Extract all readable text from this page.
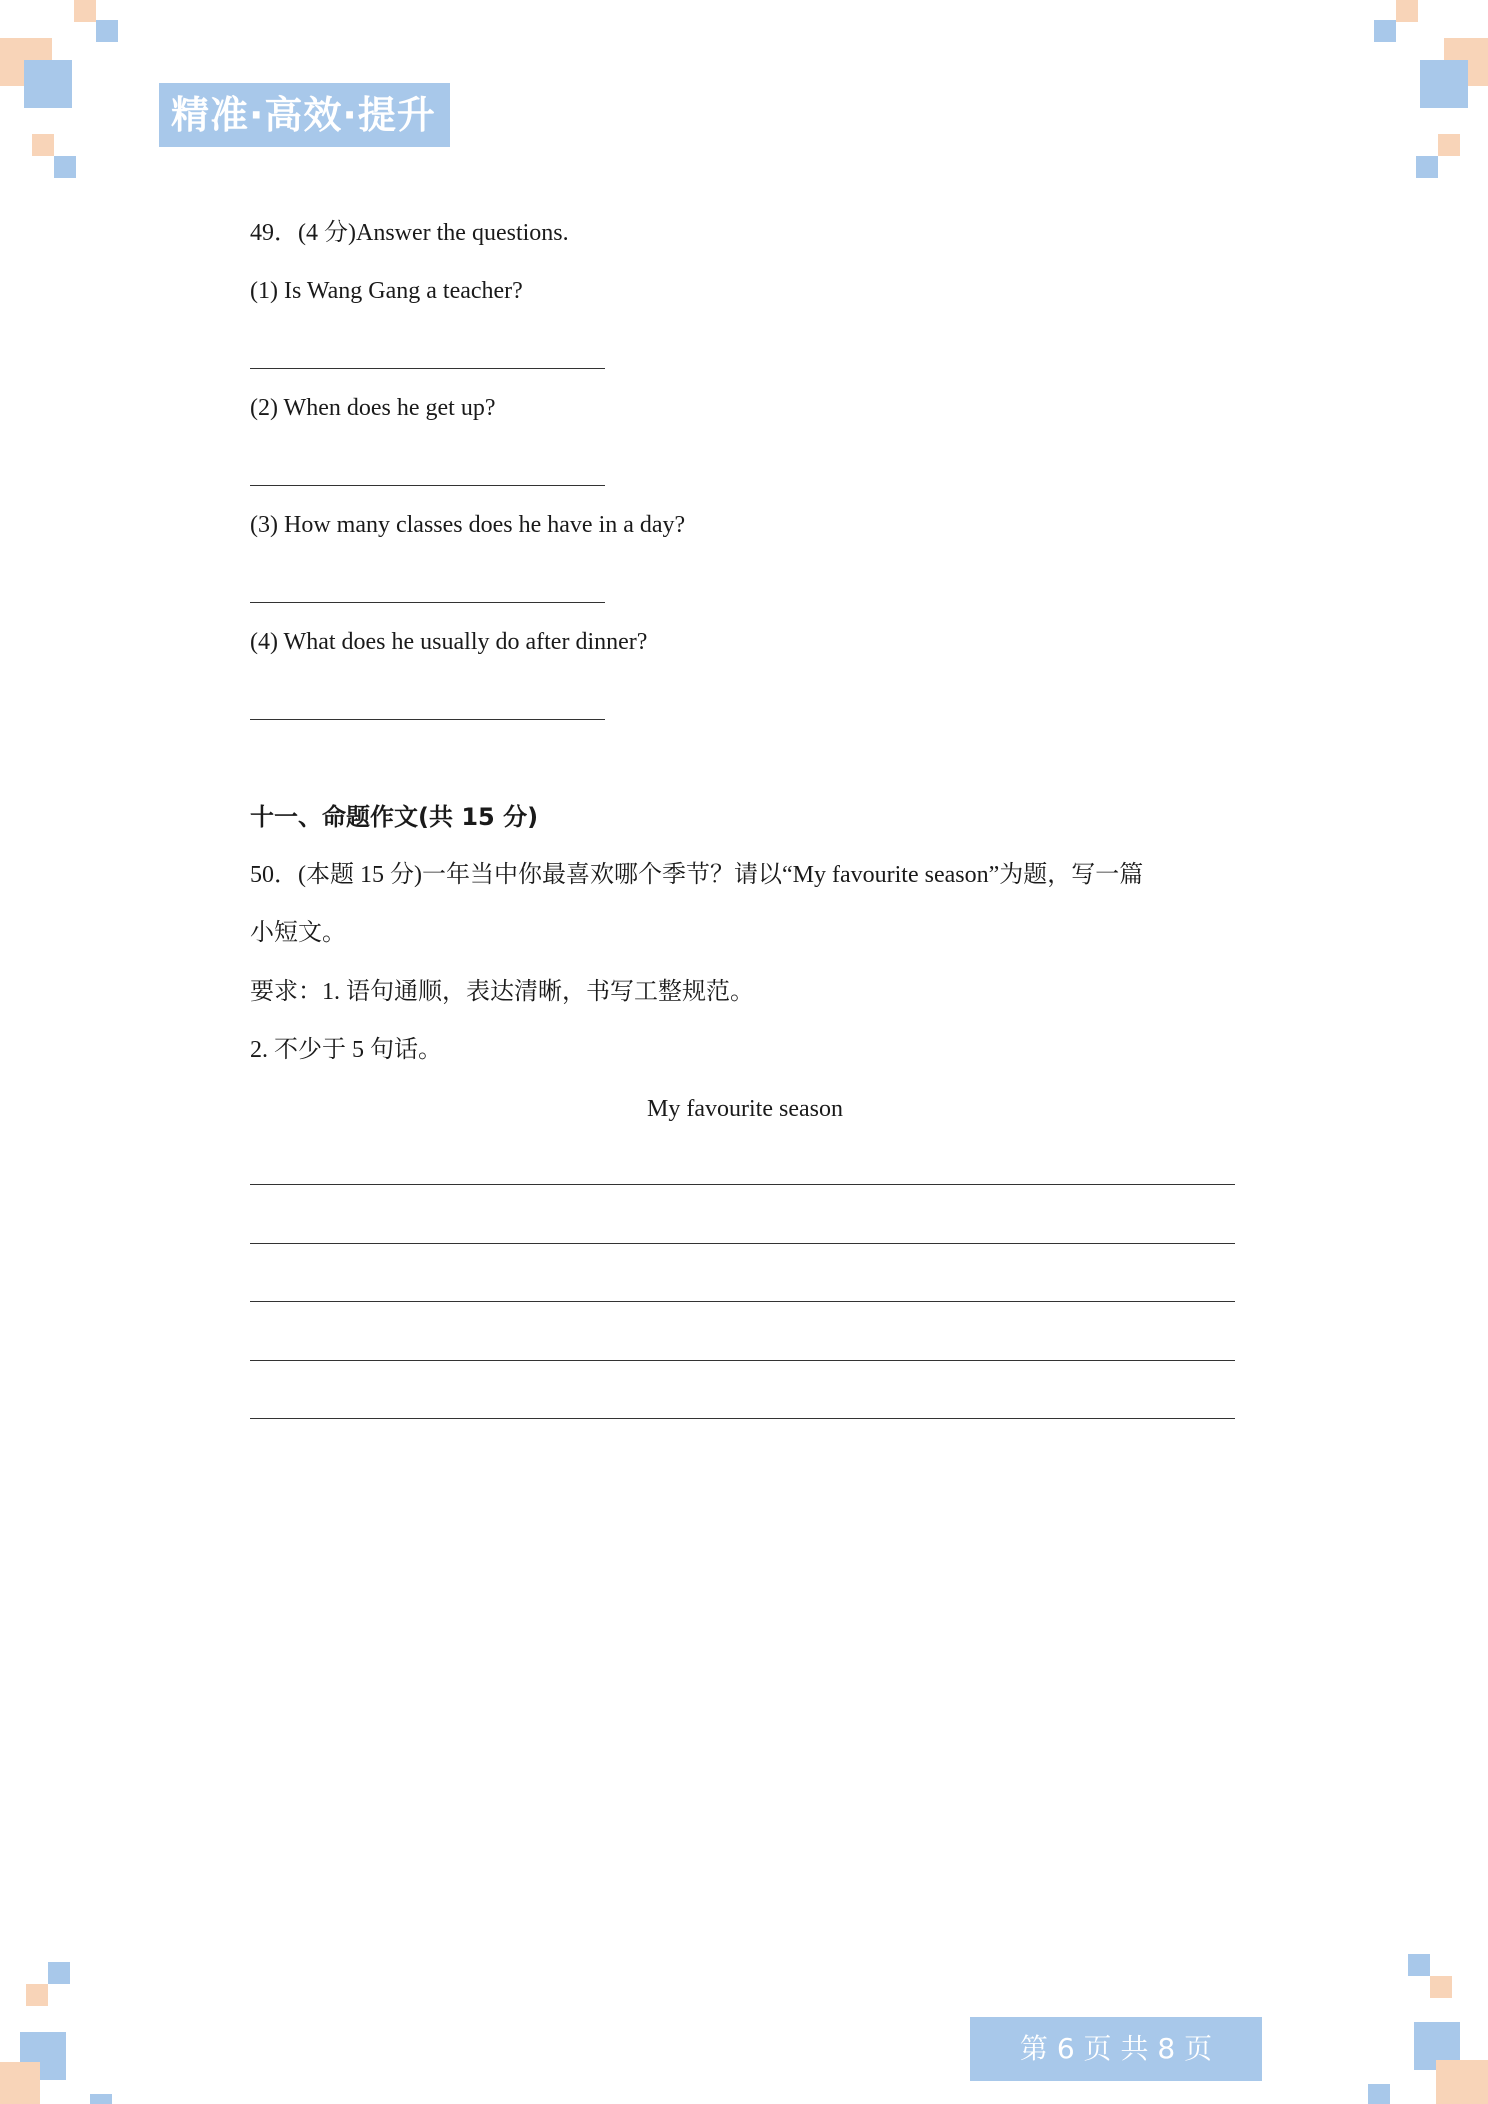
精准·高效·提升
49．(4 分)Answer the questions.
(1) Is Wang Gang a teacher?
(2) When does he get up?
(3) How many classes does he have in a day?
(4) What does he usually do after dinner?
十一、命题作文(共 15 分)
50．(本题 15 分)一年当中你最喜欢哪个季节？请以“My favourite season”为题，写一篇
小短文。
要求：1. 语句通顺，表达清晰，书写工整规范。
2. 不少于 5 句话。
My favourite season
第 6 页 共 8 页
